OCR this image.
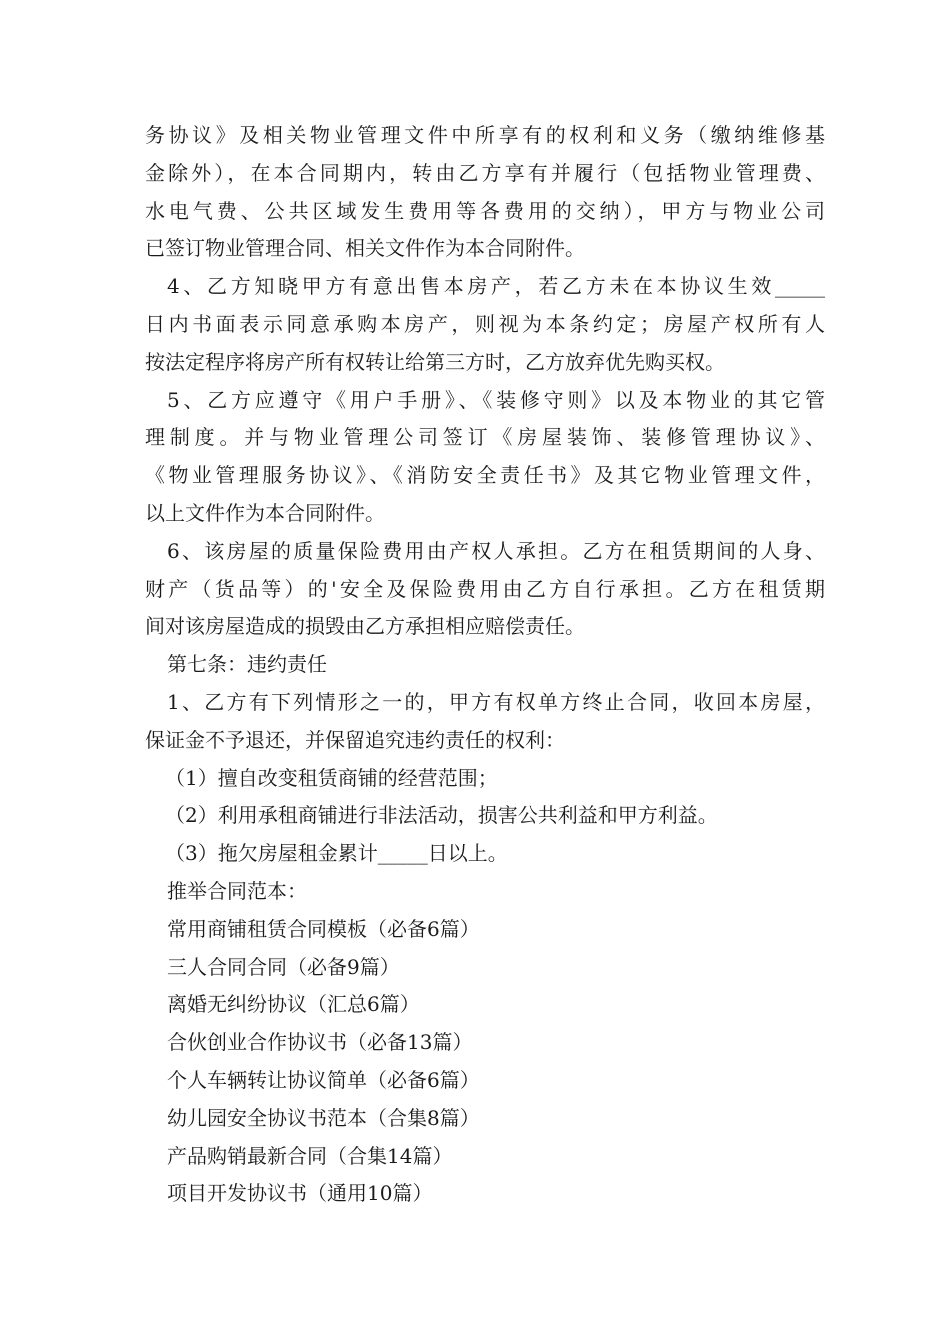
务协议》及相关物业管理文件中所享有的权利和义务（缴纳维修基
金除外），在本合同期内，转由乙方享有并履行（包括物业管理费、
水电气费、公共区域发生费用等各费用的交纳），甲方与物业公司
已签订物业管理合同、相关文件作为本合同附件。
4、乙方知晓甲方有意出售本房产，若乙方未在本协议生效_____
日内书面表示同意承购本房产，则视为本条约定；房屋产权所有人
按法定程序将房产所有权转让给第三方时，乙方放弃优先购买权。
5、乙方应遵守《用户手册》、《装修守则》以及本物业的其它管
理制度。并与物业管理公司签订《房屋装饰、装修管理协议》、
《物业管理服务协议》、《消防安全责任书》及其它物业管理文件，
以上文件作为本合同附件。
6、该房屋的质量保险费用由产权人承担。乙方在租赁期间的人身、
财产（货品等）的'安全及保险费用由乙方自行承担。乙方在租赁期
间对该房屋造成的损毁由乙方承担相应赔偿责任。
第七条：违约责任
1、乙方有下列情形之一的，甲方有权单方终止合同，收回本房屋，
保证金不予退还，并保留追究违约责任的权利：
（1）擅自改变租赁商铺的经营范围；
（2）利用承租商铺进行非法活动，损害公共利益和甲方利益。
（3）拖欠房屋租金累计_____日以上。
推举合同范本：
常用商铺租赁合同模板（必备6篇）
三人合同合同（必备9篇）
离婚无纠纷协议（汇总6篇）
合伙创业合作协议书（必备13篇）
个人车辆转让协议简单（必备6篇）
幼儿园安全协议书范本（合集8篇）
产品购销最新合同（合集14篇）
项目开发协议书（通用10篇）
